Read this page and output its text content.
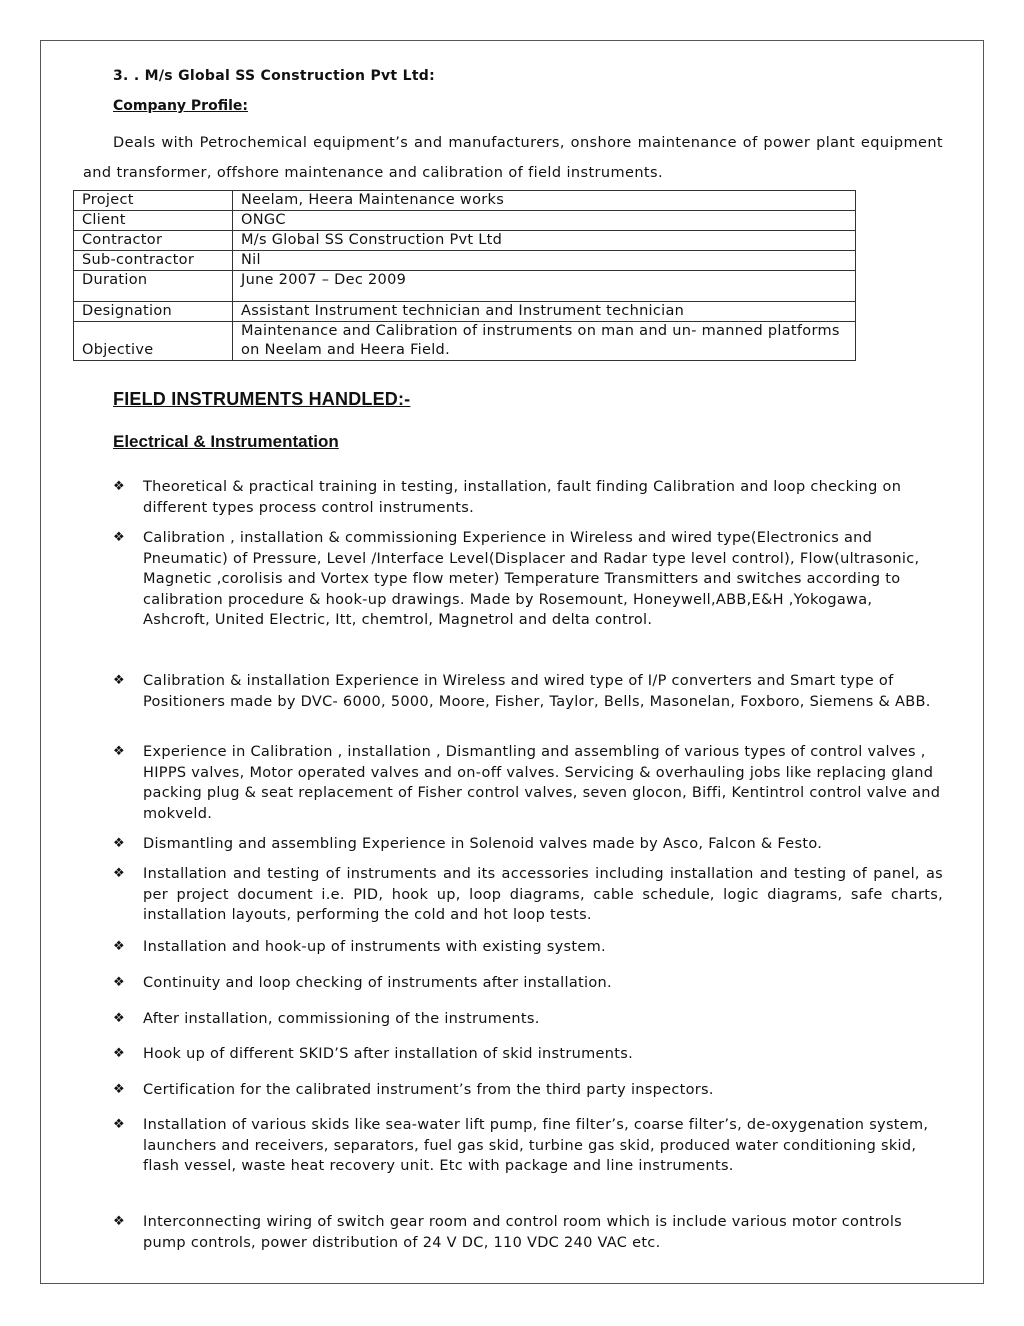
3. . M/s Global SS Construction Pvt Ltd:
Company Profile:
Deals with Petrochemical equipment’s and manufacturers, onshore maintenance of power plant equipment and transformer, offshore maintenance and calibration of field instruments.
Project	Neelam, Heera Maintenance works
Client	ONGC
Contractor	M/s Global SS Construction Pvt Ltd
Sub-contractor	Nil
Duration	June 2007 – Dec 2009
Designation	Assistant Instrument technician and Instrument technician
Objective	Maintenance and Calibration of instruments on man and un- manned platforms on Neelam and Heera Field.
FIELD INSTRUMENTS HANDLED:-
Electrical & Instrumentation
❖ Theoretical & practical training in testing, installation, fault finding Calibration and loop checking on different types process control instruments.
❖ Calibration , installation & commissioning Experience in Wireless and wired type(Electronics and Pneumatic) of Pressure, Level /Interface Level(Displacer and Radar type level control), Flow(ultrasonic, Magnetic ,corolisis and Vortex type flow meter) Temperature Transmitters and switches according to calibration procedure & hook-up drawings. Made by Rosemount, Honeywell,ABB,E&H ,Yokogawa, Ashcroft, United Electric, Itt, chemtrol, Magnetrol and delta control.
❖ Calibration & installation Experience in Wireless and wired type of I/P converters and Smart type of Positioners made by DVC- 6000, 5000, Moore, Fisher, Taylor, Bells, Masonelan, Foxboro, Siemens & ABB.
❖ Experience in Calibration , installation , Dismantling and assembling of various types of control valves , HIPPS valves, Motor operated valves and on-off valves. Servicing & overhauling jobs like replacing gland packing plug & seat replacement of Fisher control valves, seven glocon, Biffi, Kentintrol control valve and mokveld.
❖ Dismantling and assembling Experience in Solenoid valves made by Asco, Falcon & Festo.
❖ Installation and testing of instruments and its accessories including installation and testing of panel, as per project document i.e. PID, hook up, loop diagrams, cable schedule, logic diagrams, safe charts, installation layouts, performing the cold and hot loop tests.
❖ Installation and hook-up of instruments with existing system.
❖ Continuity and loop checking of instruments after installation.
❖ After installation, commissioning of the instruments.
❖ Hook up of different SKID’S after installation of skid instruments.
❖ Certification for the calibrated instrument’s from the third party inspectors.
❖ Installation of various skids like sea-water lift pump, fine filter’s, coarse filter’s, de-oxygenation system, launchers and receivers, separators, fuel gas skid, turbine gas skid, produced water conditioning skid, flash vessel, waste heat recovery unit. Etc with package and line instruments.
❖ Interconnecting wiring of switch gear room and control room which is include various motor controls pump controls, power distribution of 24 V DC, 110 VDC 240 VAC etc.
